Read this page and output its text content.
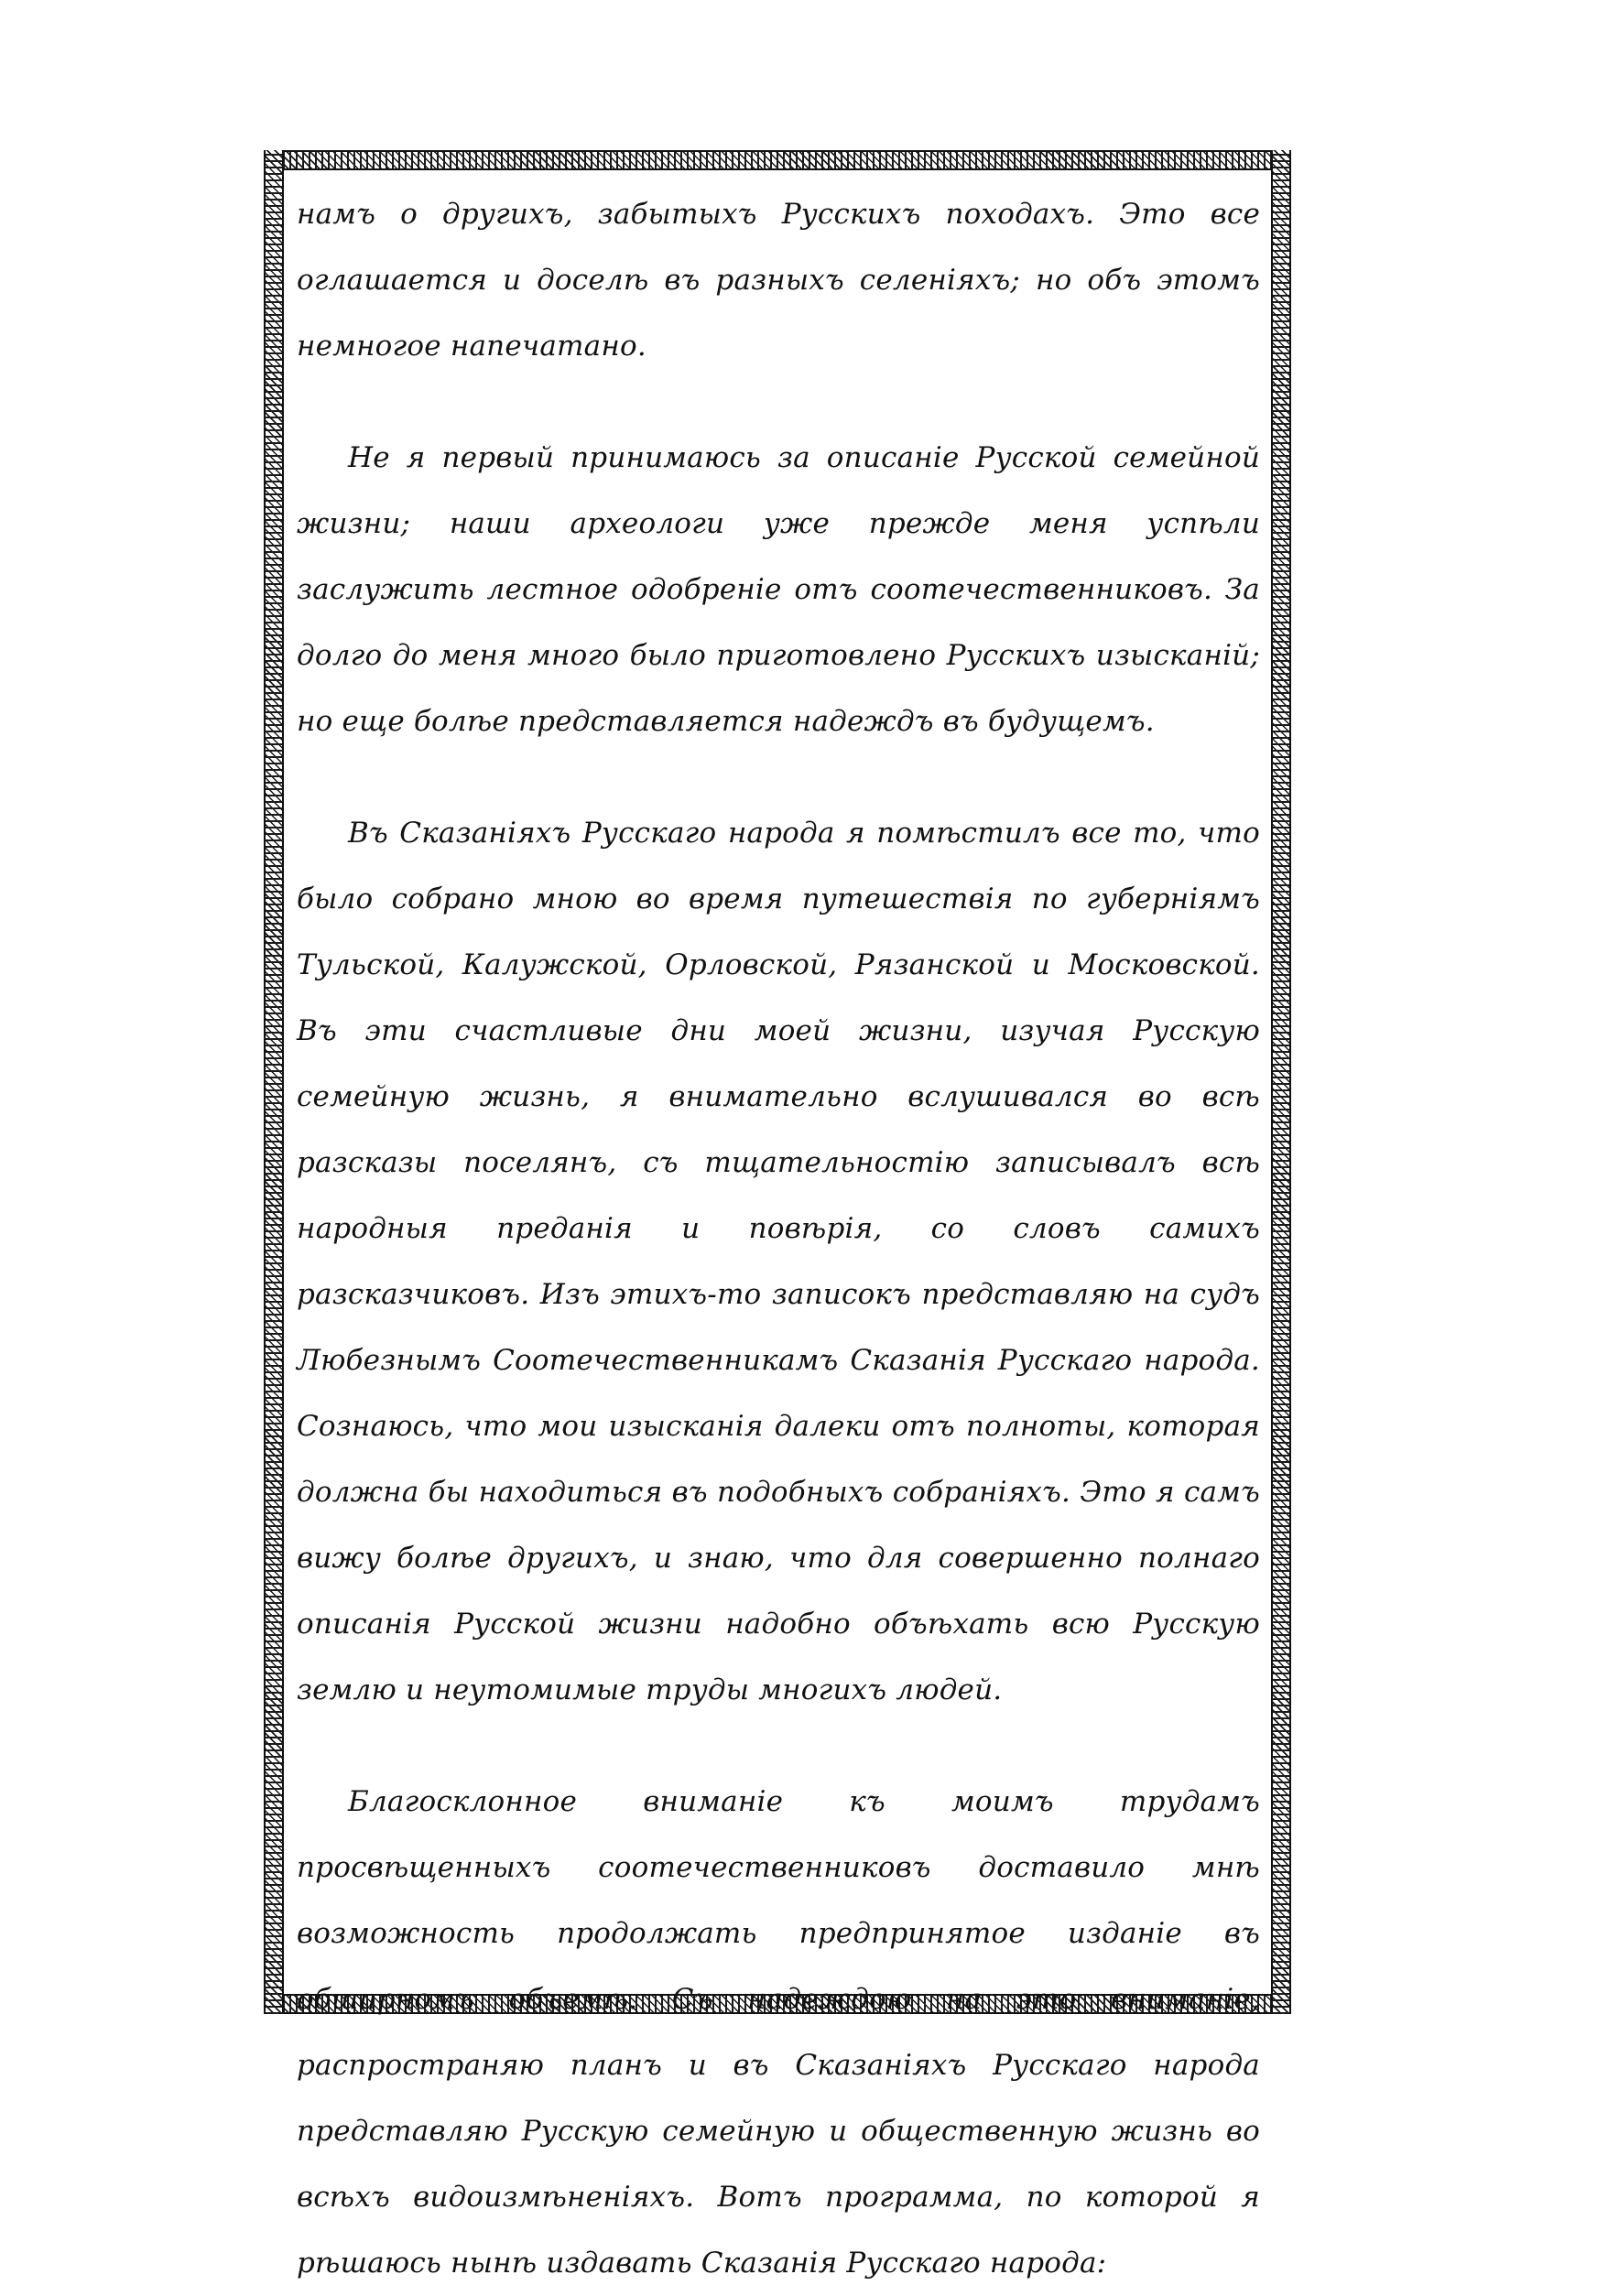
намъ о другихъ, забытыхъ Русскихъ походахъ. Это все оглашается и доселѣ въ разныхъ селеніяхъ; но объ этомъ немногое напечатано.

Не я первый принимаюсь за описаніе Русской семейной жизни; наши археологи уже прежде меня успѣли заслужить лестное одобреніе отъ соотечественниковъ. За долго до меня много было приготовлено Русскихъ изысканій; но еще болѣе представляется надеждъ въ будущемъ.

Въ Сказаніяхъ Русскаго народа я помѣстилъ все то, что было собрано мною во время путешествія по губерніямъ Тульской, Калужской, Орловской, Рязанской и Московской. Въ эти счастливые дни моей жизни, изучая Русскую семейную жизнь, я внимательно вслушивался во всѣ разсказы поселянъ, съ тщательностію записывалъ всѣ народныя преданія и повѣрія, со словъ самихъ разсказчиковъ. Изъ этихъ-то записокъ представляю на судъ Любезнымъ Соотечественникамъ Сказанія Русскаго народа. Сознаюсь, что мои изысканія далеки отъ полноты, которая должна бы находиться въ подобныхъ собраніяхъ. Это я самъ вижу болѣе другихъ, и знаю, что для совершенно полнаго описанія Русской жизни надобно объѣхать всю Русскую землю и неутомимые труды многихъ людей.

Благосклонное вниманіе къ моимъ трудамъ просвѣщенныхъ соотечественниковъ доставило мнѣ возможность продолжать предпринятое изданіе въ обширномъ объемѣ. Съ надеждою на это вниманіе, распространяю планъ и въ Сказаніяхъ Русскаго народа представляю Русскую семейную и общественную жизнь во всѣхъ видоизмѣненіяхъ. Вотъ программа, по которой я рѣшаюсь нынѣ издавать Сказанія Русскаго народа:
